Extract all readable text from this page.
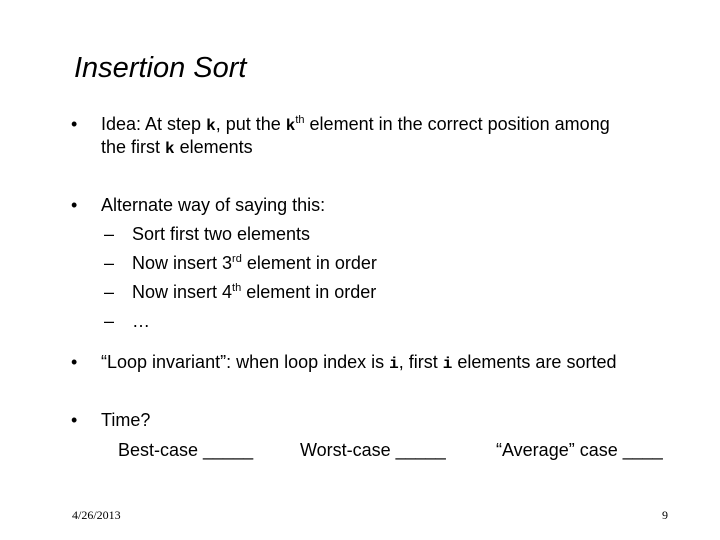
Insertion Sort
• Idea: At step k, put the $k^{th}$ element in the correct position among
the first k elements
• Alternate way of saying this:
– Sort first two elements
– Now insert 3rd element in order
– Now insert 4th element in order
– …
• “Loop invariant”: when loop index is i, first i elements are sorted
• Time?
Best-case _____	Worst-case _____	“Average” case ____
4/26/2013	9
